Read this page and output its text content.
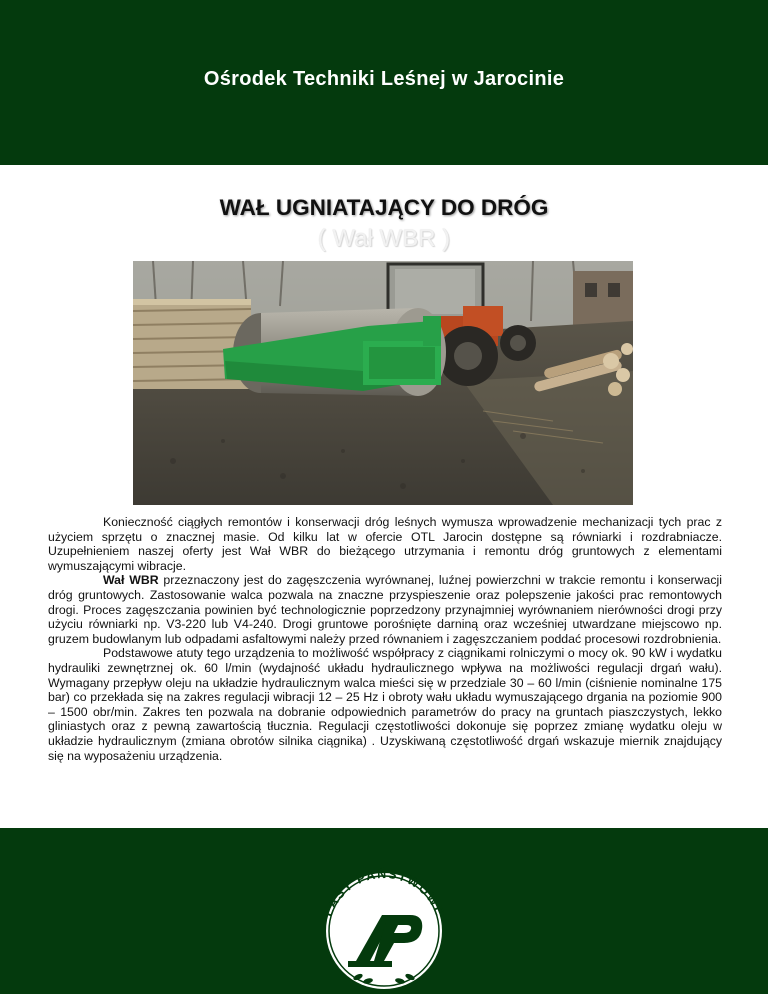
Ośrodek Techniki Leśnej w Jarocinie
WAŁ UGNIATAJĄCY DO DRÓG
( Wał WBR )

Konieczność ciągłych remontów i konserwacji dróg leśnych wymusza wprowadzenie mechanizacji tych prac z użyciem sprzętu o znacznej masie. Od kilku lat w ofercie OTL Jarocin dostępne są równiarki i rozdrabniacze. Uzupełnieniem naszej oferty jest Wał WBR do bieżącego utrzymania i remontu dróg gruntowych z elementami wymuszającymi wibracje.

Wał WBR przeznaczony jest do zagęszczenia wyrównanej, luźnej powierzchni w trakcie remontu i konserwacji dróg gruntowych. Zastosowanie walca pozwala na znaczne przyspieszenie oraz polepszenie jakości prac remontowych drogi. Proces zagęszczania powinien być technologicznie poprzedzony przynajmniej wyrównaniem nierówności drogi przy użyciu równiarki np. V3-220 lub V4-240. Drogi gruntowe porośnięte darniną oraz wcześniej utwardzane miejscowo np. gruzem budowlanym lub odpadami asfaltowymi należy przed równaniem i zagęszczaniem poddać procesowi rozdrobnienia.

Podstawowe atuty tego urządzenia to możliwość współpracy z ciągnikami rolniczymi o mocy ok. 90 kW i wydatku hydrauliki zewnętrznej ok. 60 l/min (wydajność układu hydraulicznego wpływa na możliwości regulacji drgań wału). Wymagany przepływ oleju na układzie hydraulicznym walca mieści się w przedziale 30 – 60 l/min (ciśnienie nominalne 175 bar) co przekłada się na zakres regulacji wibracji 12 – 25 Hz i obroty wału układu wymuszającego drgania na poziomie 900 – 1500 obr/min. Zakres ten pozwala na dobranie odpowiednich parametrów do pracy na gruntach piaszczystych, lekko gliniastych oraz z pewną zawartością tłucznia. Regulacji częstotliwości dokonuje się poprzez zmianę wydatku oleju w układzie hydraulicznym (zmiana obrotów silnika ciągnika) . Uzyskiwaną częstotliwość drgań wskazuje miernik znajdujący się na wyposażeniu urządzenia.

LASY PAŃSTWOWE
